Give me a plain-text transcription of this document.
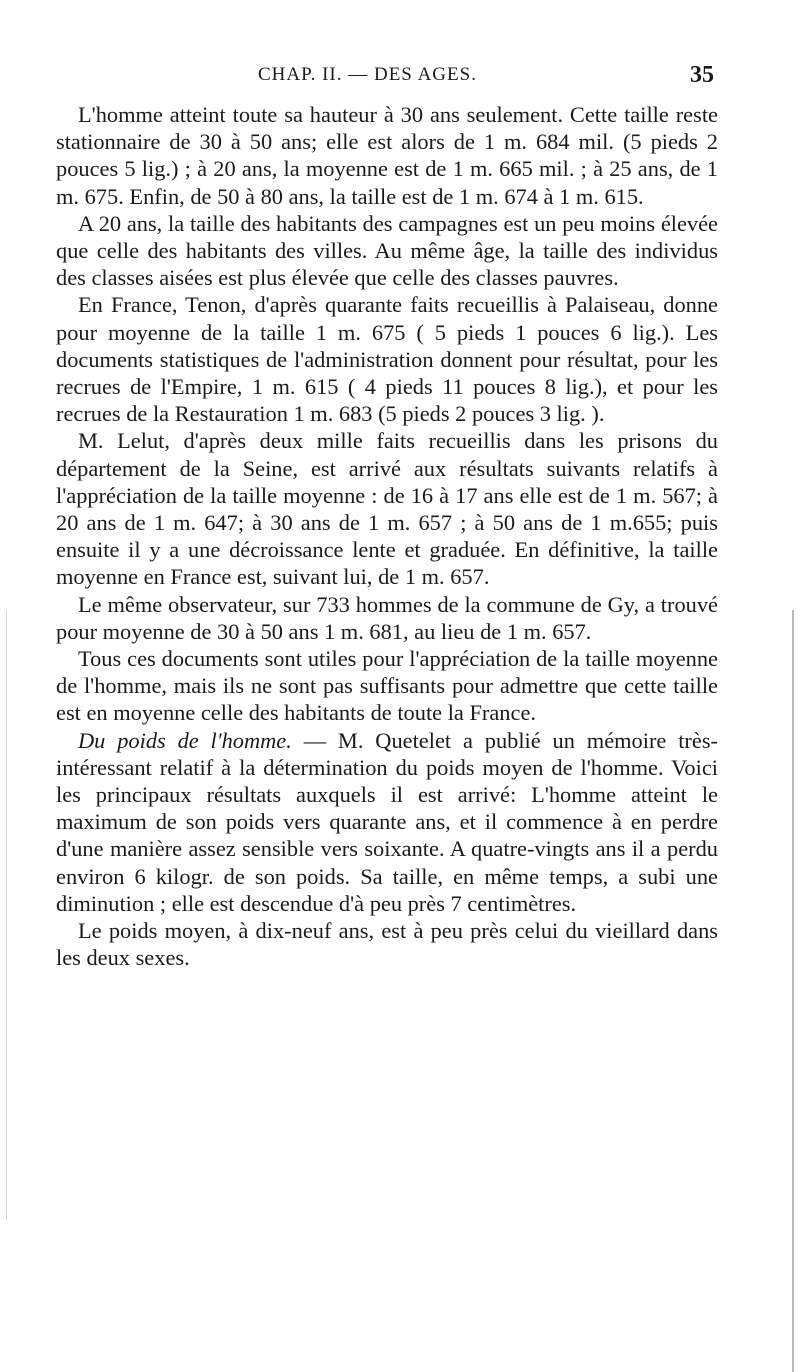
CHAP. II. — DES AGES.	35

L'homme atteint toute sa hauteur à 30 ans seulement. Cette taille reste stationnaire de 30 à 50 ans; elle est alors de 1 m. 684 mil. (5 pieds 2 pouces 5 lig.) ; à 20 ans, la moyenne est de 1 m. 665 mil. ; à 25 ans, de 1 m. 675. Enfin, de 50 à 80 ans, la taille est de 1 m. 674 à 1 m. 615.

A 20 ans, la taille des habitants des campagnes est un peu moins élevée que celle des habitants des villes. Au même âge, la taille des individus des classes aisées est plus élevée que celle des classes pauvres.

En France, Tenon, d'après quarante faits recueillis à Palaiseau, donne pour moyenne de la taille 1 m. 675 ( 5 pieds 1 pouces 6 lig.). Les documents statistiques de l'administration donnent pour résultat, pour les recrues de l'Empire, 1 m. 615 ( 4 pieds 11 pouces 8 lig.), et pour les recrues de la Restauration 1 m. 683 (5 pieds 2 pouces 3 lig. ).

M. Lelut, d'après deux mille faits recueillis dans les prisons du département de la Seine, est arrivé aux résultats suivants relatifs à l'appréciation de la taille moyenne : de 16 à 17 ans elle est de 1 m. 567; à 20 ans de 1 m. 647; à 30 ans de 1 m. 657 ; à 50 ans de 1 m.655; puis ensuite il y a une décroissance lente et graduée. En définitive, la taille moyenne en France est, suivant lui, de 1 m. 657.

Le même observateur, sur 733 hommes de la commune de Gy, a trouvé pour moyenne de 30 à 50 ans 1 m. 681, au lieu de 1 m. 657.

Tous ces documents sont utiles pour l'appréciation de la taille moyenne de l'homme, mais ils ne sont pas suffisants pour admettre que cette taille est en moyenne celle des habitants de toute la France.

Du poids de l'homme. — M. Quetelet a publié un mémoire très-intéressant relatif à la détermination du poids moyen de l'homme. Voici les principaux résultats auxquels il est arrivé: L'homme atteint le maximum de son poids vers quarante ans, et il commence à en perdre d'une manière assez sensible vers soixante. A quatre-vingts ans il a perdu environ 6 kilogr. de son poids. Sa taille, en même temps, a subi une diminution ; elle est descendue d'à peu près 7 centimètres.

Le poids moyen, à dix-neuf ans, est à peu près celui du vieillard dans les deux sexes.
